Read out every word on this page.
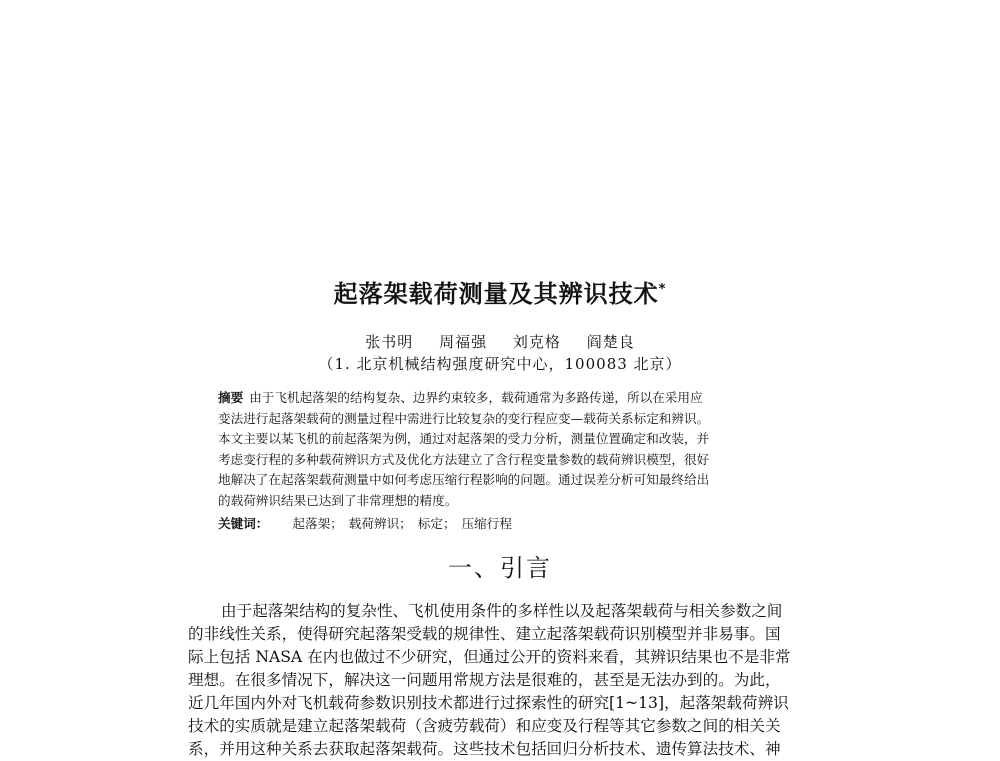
起落架载荷测量及其辨识技术*
张书明 周福强 刘克格 阎楚良
（1. 北京机械结构强度研究中心，100083 北京）
摘要 由于飞机起落架的结构复杂、边界约束较多，载荷通常为多路传递，所以在采用应
变法进行起落架载荷的测量过程中需进行比较复杂的变行程应变—载荷关系标定和辨识。
本文主要以某飞机的前起落架为例，通过对起落架的受力分析，测量位置确定和改装，并
考虑变行程的多种载荷辨识方式及优化方法建立了含行程变量参数的载荷辨识模型，很好
地解决了在起落架载荷测量中如何考虑压缩行程影响的问题。通过误差分析可知最终给出
的载荷辨识结果已达到了非常理想的精度。
关键词： 起落架； 载荷辨识； 标定； 压缩行程
一、引言
由于起落架结构的复杂性、飞机使用条件的多样性以及起落架载荷与相关参数之间
的非线性关系，使得研究起落架受载的规律性、建立起落架载荷识别模型并非易事。国
际上包括 NASA 在内也做过不少研究，但通过公开的资料来看，其辨识结果也不是非常
理想。在很多情况下，解决这一问题用常规方法是很难的，甚至是无法办到的。为此，
近几年国内外对飞机载荷参数识别技术都进行过探索性的研究[1~13]，起落架载荷辨识
技术的实质就是建立起落架载荷（含疲劳载荷）和应变及行程等其它参数之间的相关关
系，并用这种关系去获取起落架载荷。这些技术包括回归分析技术、遗传算法技术、神
